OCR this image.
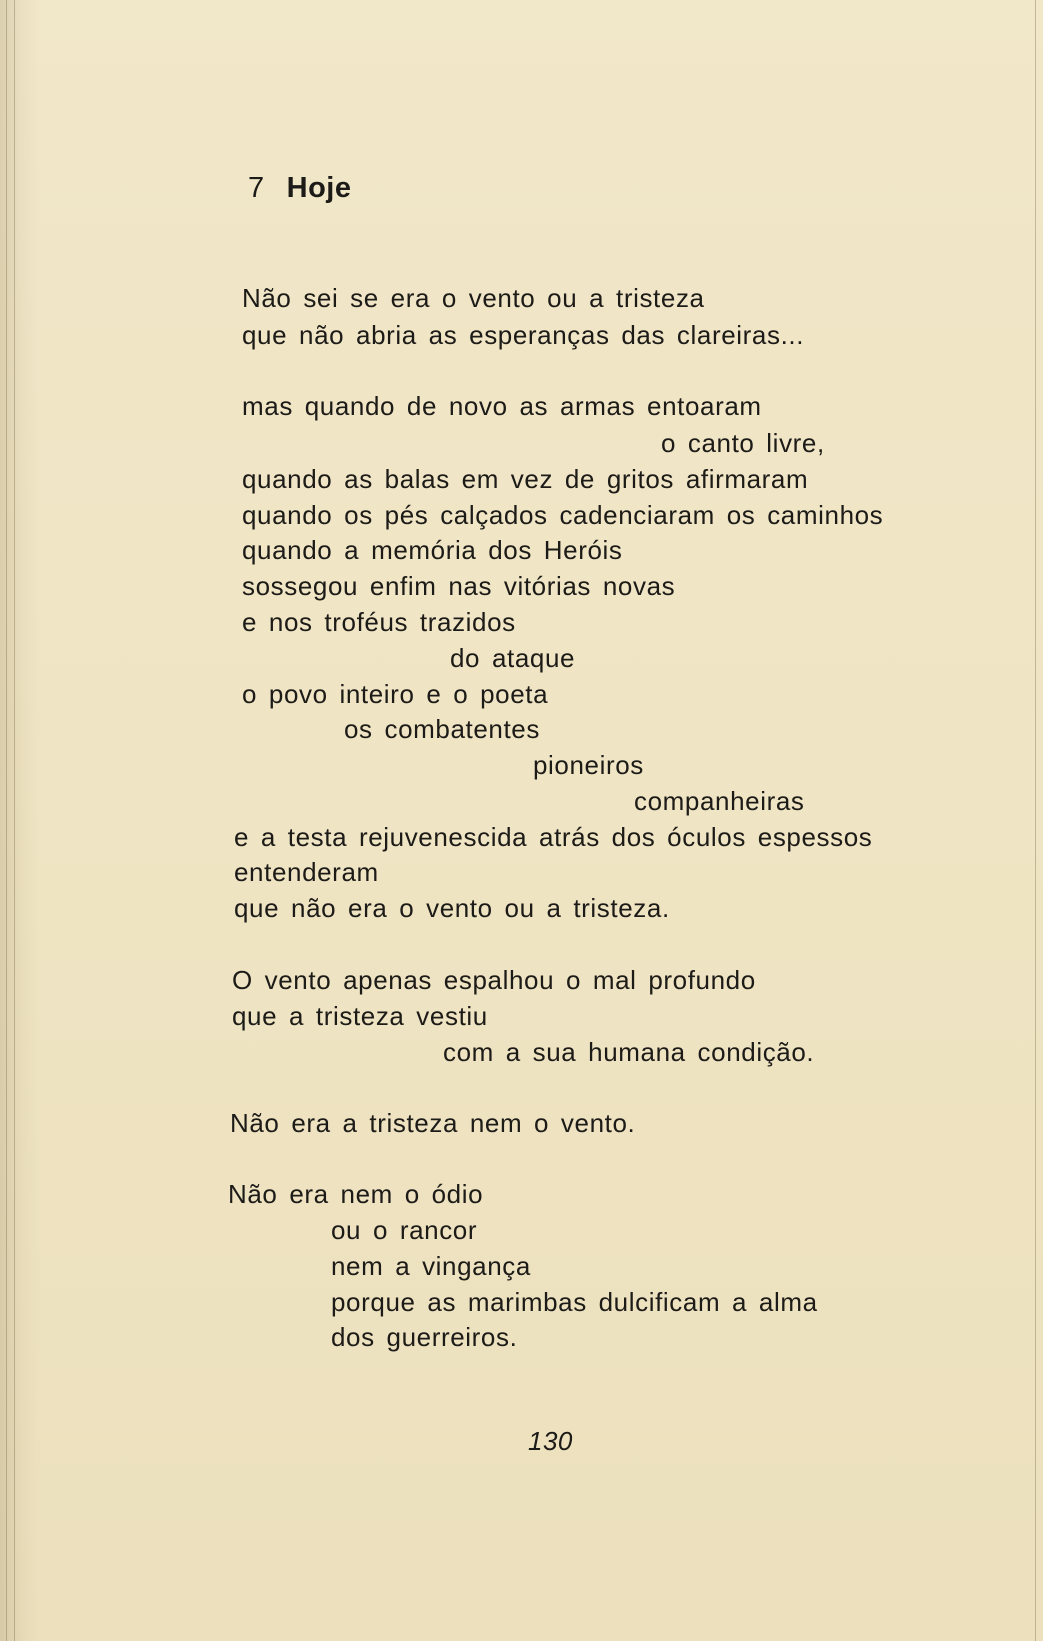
7 Hoje
Não sei se era o vento ou a tristeza
que não abria as esperanças das clareiras...
mas quando de novo as armas entoaram
o canto livre,
quando as balas em vez de gritos afirmaram
quando os pés calçados cadenciaram os caminhos
quando a memória dos Heróis
sossegou enfim nas vitórias novas
e nos troféus trazidos
do ataque
o povo inteiro e o poeta
os combatentes
pioneiros
companheiras
e a testa rejuvenescida atrás dos óculos espessos
entenderam
que não era o vento ou a tristeza.
O vento apenas espalhou o mal profundo
que a tristeza vestiu
com a sua humana condição.
Não era a tristeza nem o vento.
Não era nem o ódio
ou o rancor
nem a vingança
porque as marimbas dulcificam a alma
dos guerreiros.
130
